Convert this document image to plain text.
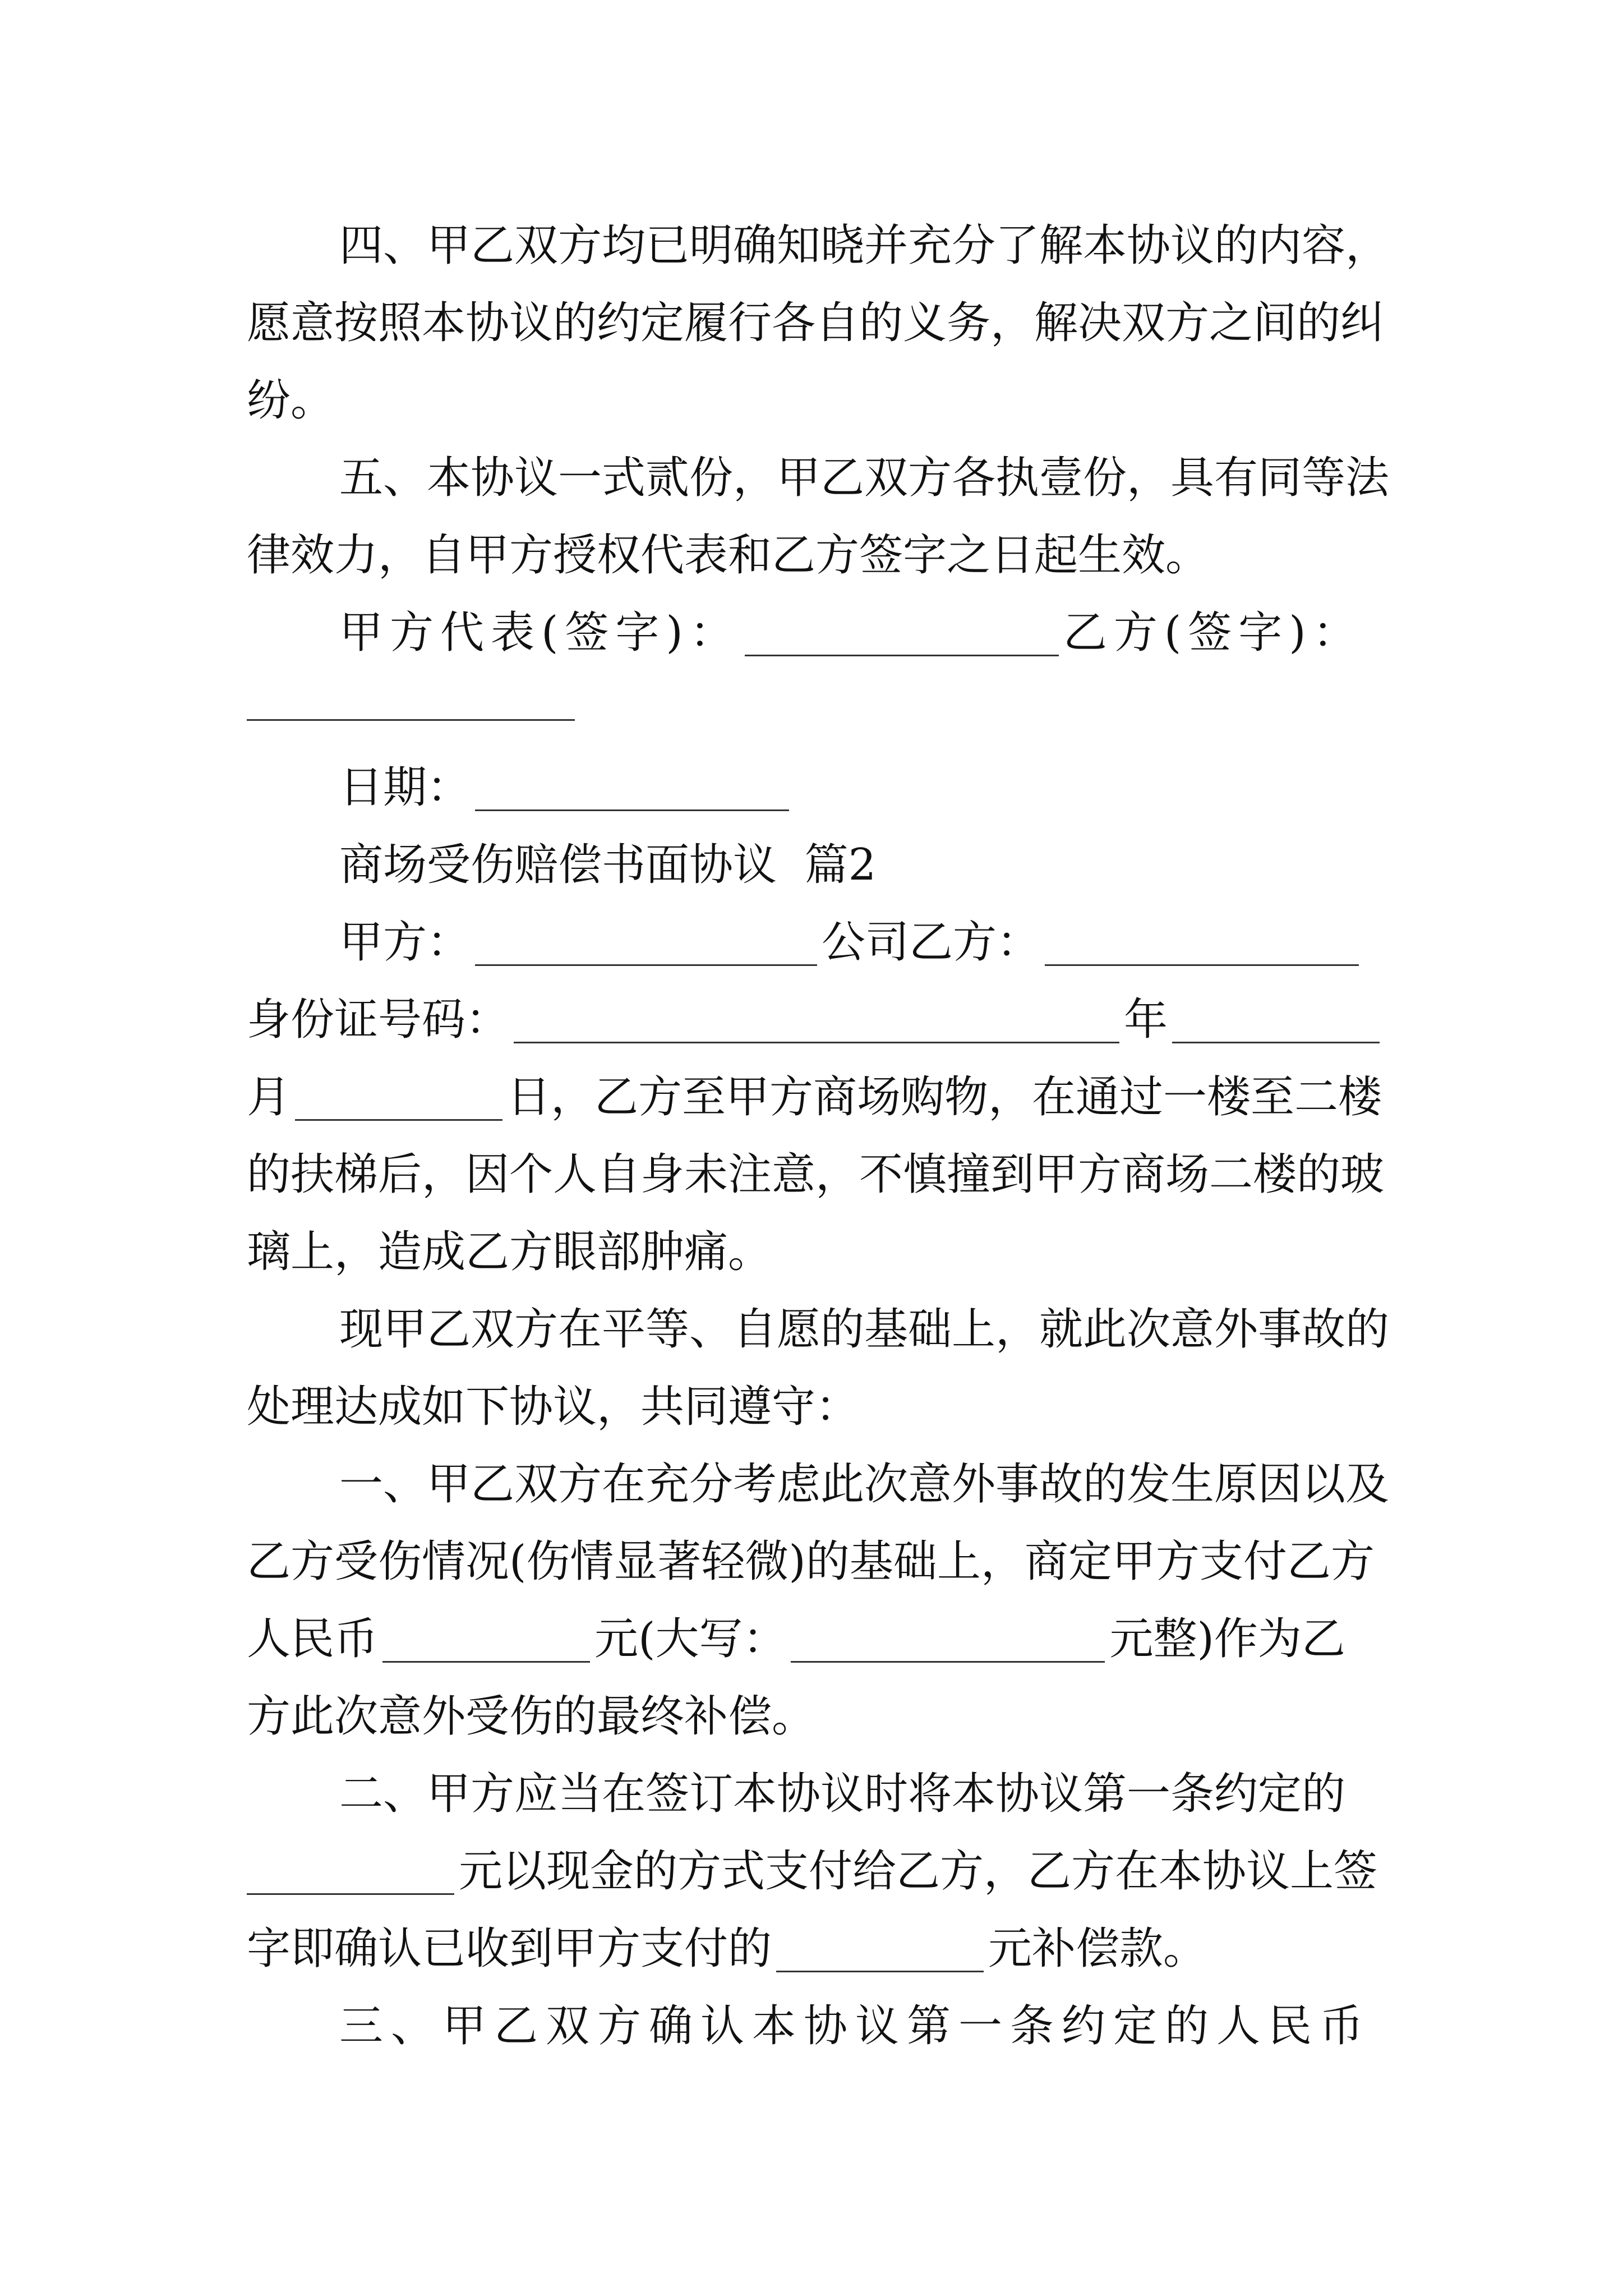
四、甲乙双方均已明确知晓并充分了解本协议的内容，
愿意按照本协议的约定履行各自的义务，解决双方之间的纠
纷。
五、本协议一式贰份，甲乙双方各执壹份，具有同等法
律效力，自甲方授权代表和乙方签字之日起生效。
甲方代表(签字)：	乙方(签字)：
日期：
商场受伤赔偿书面协议  篇2
甲方：	公司乙方：
身份证号码：	年
月	日，乙方至甲方商场购物，在通过一楼至二楼
的扶梯后，因个人自身未注意，不慎撞到甲方商场二楼的玻
璃上，造成乙方眼部肿痛。
现甲乙双方在平等、自愿的基础上，就此次意外事故的
处理达成如下协议，共同遵守：
一、甲乙双方在充分考虑此次意外事故的发生原因以及
乙方受伤情况(伤情显著轻微)的基础上，商定甲方支付乙方
人民币	元(大写：	元整)作为乙
方此次意外受伤的最终补偿。
二、甲方应当在签订本协议时将本协议第一条约定的
元以现金的方式支付给乙方，乙方在本协议上签
字即确认已收到甲方支付的	元补偿款。
三、甲乙双方确认本协议第一条约定的人民币
